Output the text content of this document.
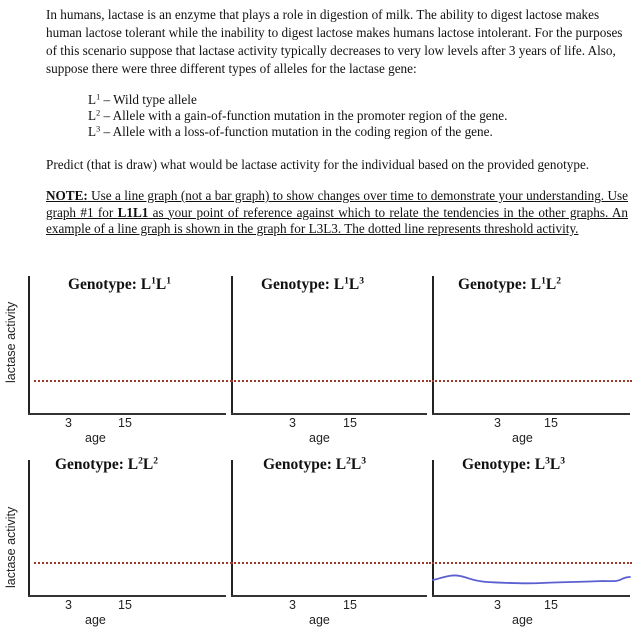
In humans, lactase is an enzyme that plays a role in digestion of milk. The ability to digest lactose makes human lactose tolerant while the inability to digest lactose makes humans lactose intolerant. For the purposes of this scenario suppose that lactase activity typically decreases to very low levels after 3 years of life. Also, suppose there were three different types of alleles for the lactase gene:
$L^1$ – Wild type allele
$L^2$ – Allele with a gain-of-function mutation in the promoter region of the gene.
$L^3$ – Allele with a loss-of-function mutation in the coding region of the gene.
Predict (that is draw) what would be lactase activity for the individual based on the provided genotype.
NOTE: Use a line graph (not a bar graph) to show changes over time to demonstrate your understanding. Use graph #1 for L1L1 as your point of reference against which to relate the tendencies in the other graphs. An example of a line graph is shown in the graph for L3L3. The dotted line represents threshold activity.
lactase activity
lactase activity
Genotype: $L^1L^1$
3	15
age
Genotype: $L^1L^3$
3	15
age
Genotype: $L^1L^2$
3	15
age
Genotype: $L^2L^2$
3	15
age
Genotype: $L^2L^3$
3	15
age
Genotype: $L^3L^3$
3	15
age
